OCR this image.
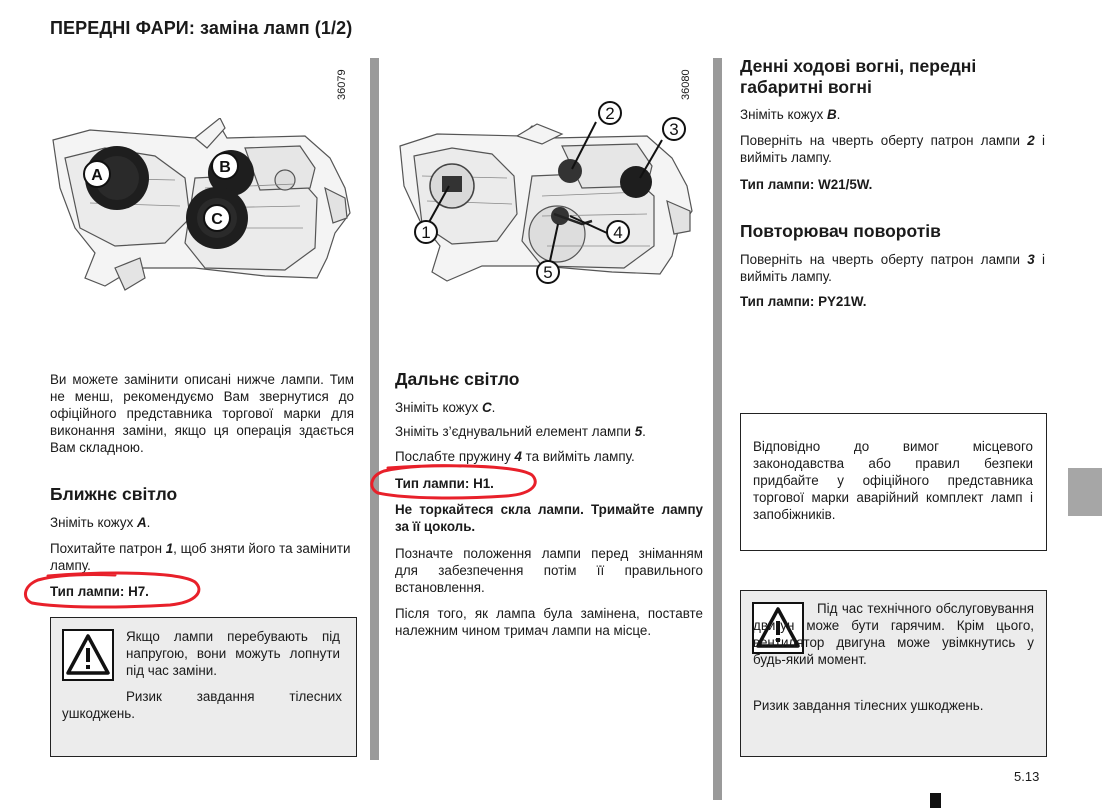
ПЕРЕДНІ ФАРИ: заміна ламп (1/2)
36079
A	B
C

Ви можете замінити описані нижче лампи. Тим не менш, рекомендуємо Вам звернутися до офіційного представника торгової марки для виконання заміни, якщо ця операція здається Вам складною.

Ближнє світло

Зніміть кожух A.

Похитайте патрон 1, щоб зняти його та замінити лампу.

Тип лампи: H7.

Якщо лампи перебувають під напругою, вони можуть лопнути під час заміни.

Ризик завдання тілесних ушкоджень.

36080
1
2
3
4
5
Дальнє світло

Зніміть кожух C.

Зніміть з’єднувальний елемент лампи 5.

Послабте пружину 4 та вийміть лампу.

Тип лампи: H1.

Не торкайтеся скла лампи. Тримайте лампу за її цоколь.

Позначте положення лампи перед зніманням для забезпечення потім її правильного встановлення.

Після того, як лампа була замінена, поставте належним чином тримач лампи на місце.

Денні ходові вогні, передні габаритні вогні

Зніміть кожух B.

Поверніть на чверть оберту патрон лампи 2 і вийміть лампу.

Тип лампи: W21/5W.

Повторювач поворотів

Поверніть на чверть оберту патрон лампи 3 і вийміть лампу.

Тип лампи: PY21W.

Відповідно до вимог місцевого законодавства або правил безпеки придбайте у офіційного представника торгової марки аварійний комплект ламп і запобіжників.

Під час технічного обслуговування двигун може бути гарячим. Крім цього, вентилятор двигуна може увімкнутись у будь-який момент.

Ризик завдання тілесних ушкоджень.

5.13
